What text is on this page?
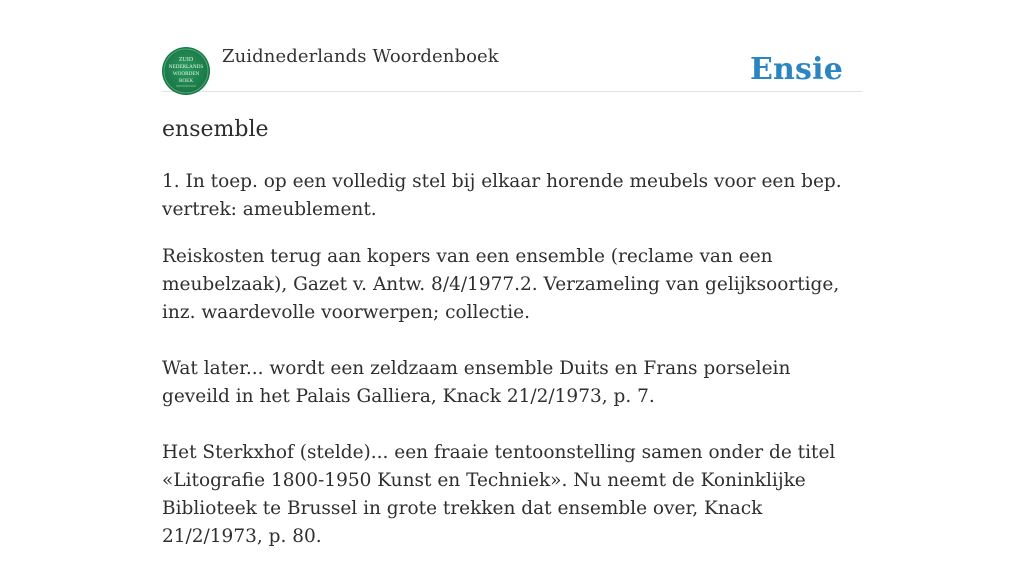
ZUID
NEDERLANDS
WOORDEN
BOEK
Zuidnederlands Woordenboek	Ensie
ensemble

1. In toep. op een volledig stel bij elkaar horende meubels voor een bep. vertrek: ameublement.

Reiskosten terug aan kopers van een ensemble (reclame van een meubelzaak), Gazet v. Antw. 8/4/1977.2. Verzameling van gelijksoortige, inz. waardevolle voorwerpen; collectie.

Wat later... wordt een zeldzaam ensemble Duits en Frans porselein geveild in het Palais Galliera, Knack 21/2/1973, p. 7.

Het Sterkxhof (stelde)... een fraaie tentoonstelling samen onder de titel «Litografie 1800-1950 Kunst en Techniek». Nu neemt de Koninklijke Biblioteek te Brussel in grote trekken dat ensemble over, Knack 21/2/1973, p. 80.
